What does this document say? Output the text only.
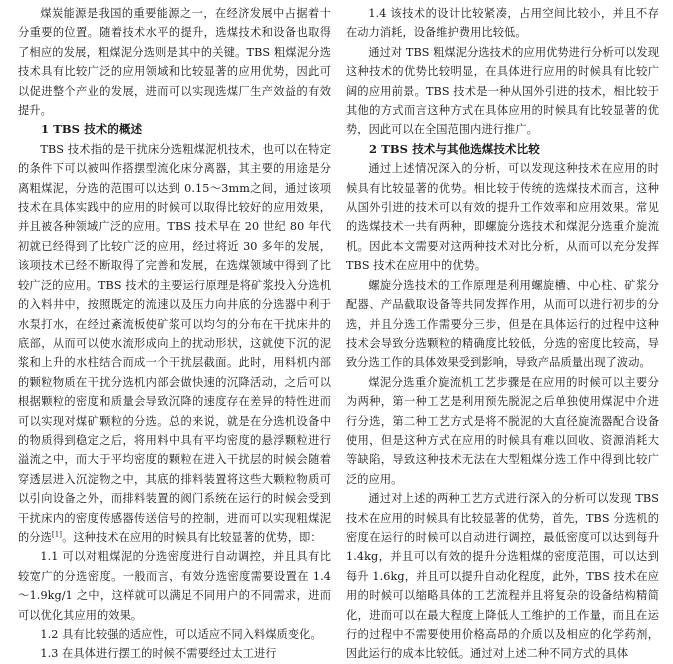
煤炭能源是我国的重要能源之一，在经济发展中占据着十分重要的位置。随着技术水平的提升，选煤技术和设备也取得了相应的发展，粗煤泥分选则是其中的关键。TBS 粗煤泥分选技术具有比较广泛的应用领域和比较显著的应用优势，因此可以促进整个产业的发展，进而可以实现选煤厂生产效益的有效提升。

1 TBS 技术的概述

TBS 技术指的是干扰床分选粗煤泥机技术，也可以在特定的条件下可以被叫作搭摆型流化床分离器，其主要的用途是分离粗煤泥，分选的范围可以达到 0.15～3mm之间，通过该项技术在具体实践中的应用的时候可以取得比较好的应用效果，并且被各种领域广泛的应用。TBS 技术早在 20 世纪 80 年代初就已经得到了比较广泛的应用，经过将近 30 多年的发展，该项技术已经不断取得了完善和发展，在选煤领域中得到了比较广泛的应用。TBS 技术的主要运行原理是将矿浆投入分选机的入料井中，按照既定的流速以及压力向井底的分选器中利于水泵打水，在经过紊流板使矿浆可以均匀的分布在干扰床井的底部，从而可以使水流形成向上的扰动形状，这就使下沉的泥浆和上升的水柱结合而成一个干扰层截面。此时，用料机内部的颗粒物质在干扰分选机内部会做快速的沉降活动，之后可以根据颗粒的密度和质量会导致沉降的速度存在差异的特性进而可以实现对煤矿颗粒的分选。总的来说，就是在分选机设备中的物质得到稳定之后，将用料中具有平均密度的悬浮颗粒进行溢流之中，而大于平均密度的颗粒在进入干扰层的时候会随着穿透层进入沉淀物之中，其底的排料装置将这些大颗粒物质可以引向设备之外，而排料装置的阀门系统在运行的时候会受到干扰床内的密度传感器传送信号的控制，进而可以实现粗煤泥的分选[1]。这种技术在应用的时候具有比较显著的优势，即：

1.1 可以对粗煤泥的分选密度进行自动调控，并且具有比较宽广的分选密度。一般而言，有效分选密度需要设置在 1.4～1.9kg/1 之中，这样就可以满足不同用户的不同需求，进而可以优化其应用的效果。

1.2 具有比较强的适应性，可以适应不同入料煤质变化。

1.3 在具体进行摆工的时候不需要经过太工进行

1.4 该技术的设计比较紧凑，占用空间比较小，并且不存在动力消耗，设备维护费用比较低。

通过对 TBS 粗煤泥分选技术的应用优势进行分析可以发现这种技术的优势比较明显，在具体进行应用的时候具有比较广阔的应用前景。TBS 技术是一种从国外引进的技术，相比较于其他的方式而言这种方式在具体应用的时候具有比较显著的优势，因此可以在全国范围内进行推广。

2 TBS 技术与其他选煤技术比较

通过上述情况深入的分析，可以发现这种技术在应用的时候具有比较显著的优势。相比较于传统的选煤技术而言，这种从国外引进的技术可以有效的提升工作效率和应用效果。常见的选煤技术一共有两种，即螺旋分选技术和煤泥分选重介旋流机。因此本文需要对这两种技术对比分析，从而可以充分发挥 TBS 技术在应用中的优势。

螺旋分选技术的工作原理是利用螺旋槽、中心柱、矿浆分配器、产品截取设备等共同发挥作用，从而可以进行初步的分选，并且分选工作需要分三步，但是在具体运行的过程中这种技术会导致分选颗粒的精确度比较低，分选的密度比较高，导致分选工作的具体效果受到影响，导致产品质量出现了波动。

煤泥分选重介旋流机工艺步骤是在应用的时候可以主要分为两种，第一种工艺是利用预先脱泥之后单独使用煤泥中介进行分选，第二种工艺方式是将不脱泥的大直径旋流器配合设备使用，但是这种方式在应用的时候具有难以回收、资源消耗大等缺陷，导致这种技术无法在大型粗煤分选工作中得到比较广泛的应用。

通过对上述的两种工艺方式进行深入的分析可以发现 TBS 技术在应用的时候具有比较显著的优势，首先，TBS 分选机的密度在运行的时候可以自动进行调控，最低密度可以达到每升 1.4kg，并且可以有效的提升分选粗煤的密度范围，可以达到每升 1.6kg，并且可以提升自动化程度，此外，TBS 技术在应用的时候可以缩略具体的工艺流程并且将复杂的设备结构精简化，进而可以在最大程度上降低人工维护的工作量，而且在运行的过程中不需要使用价格高昂的介质以及相应的化学药剂，因此运行的成本比较低。通过对上述二种不同方式的具体
